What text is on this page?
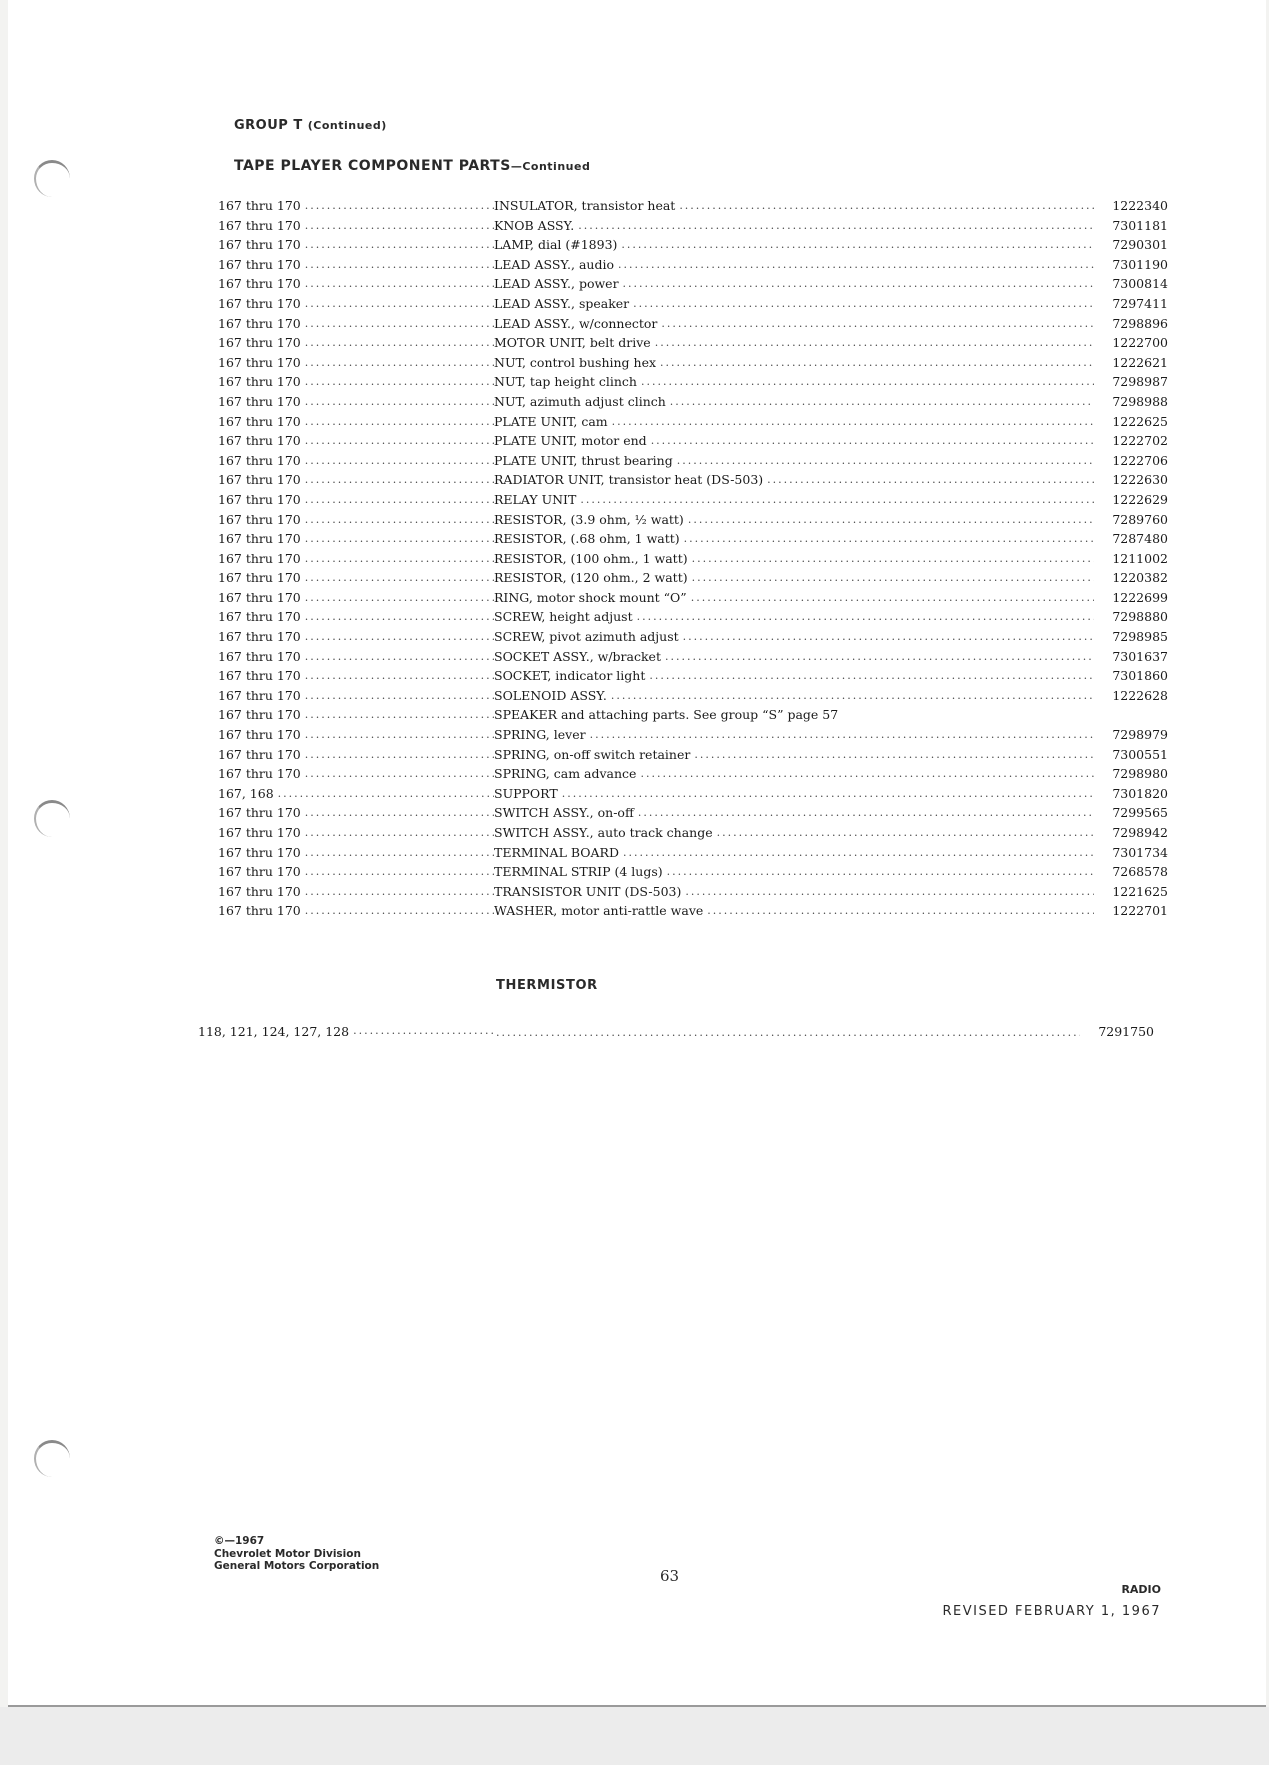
GROUP T (Continued)
TAPE PLAYER COMPONENT PARTS—Continued
167 thru 170 .....	INSULATOR, transistor heat .....	1222340
167 thru 170 .....	KNOB ASSY. .....	7301181
167 thru 170 .....	LAMP, dial (#1893) .....	7290301
167 thru 170 .....	LEAD ASSY., audio .....	7301190
167 thru 170 .....	LEAD ASSY., power .....	7300814
167 thru 170 .....	LEAD ASSY., speaker .....	7297411
167 thru 170 .....	LEAD ASSY., w/connector .....	7298896
167 thru 170 .....	MOTOR UNIT, belt drive .....	1222700
167 thru 170 .....	NUT, control bushing hex .....	1222621
167 thru 170 .....	NUT, tap height clinch .....	7298987
167 thru 170 .....	NUT, azimuth adjust clinch .....	7298988
167 thru 170 .....	PLATE UNIT, cam .....	1222625
167 thru 170 .....	PLATE UNIT, motor end .....	1222702
167 thru 170 .....	PLATE UNIT, thrust bearing .....	1222706
167 thru 170 .....	RADIATOR UNIT, transistor heat (DS-503) .....	1222630
167 thru 170 .....	RELAY UNIT .....	1222629
167 thru 170 .....	RESISTOR, (3.9 ohm, ½ watt) .....	7289760
167 thru 170 .....	RESISTOR, (.68 ohm, 1 watt) .....	7287480
167 thru 170 .....	RESISTOR, (100 ohm., 1 watt) .....	1211002
167 thru 170 .....	RESISTOR, (120 ohm., 2 watt) .....	1220382
167 thru 170 .....	RING, motor shock mount “O” .....	1222699
167 thru 170 .....	SCREW, height adjust .....	7298880
167 thru 170 .....	SCREW, pivot azimuth adjust .....	7298985
167 thru 170 .....	SOCKET ASSY., w/bracket .....	7301637
167 thru 170 .....	SOCKET, indicator light .....	7301860
167 thru 170 .....	SOLENOID ASSY. .....	1222628
167 thru 170 .....	SPEAKER and attaching parts. See group “S” page 57
167 thru 170 .....	SPRING, lever .....	7298979
167 thru 170 .....	SPRING, on-off switch retainer .....	7300551
167 thru 170 .....	SPRING, cam advance .....	7298980
167, 168 .....	SUPPORT .....	7301820
167 thru 170 .....	SWITCH ASSY., on-off .....	7299565
167 thru 170 .....	SWITCH ASSY., auto track change .....	7298942
167 thru 170 .....	TERMINAL BOARD .....	7301734
167 thru 170 .....	TERMINAL STRIP (4 lugs) .....	7268578
167 thru 170 .....	TRANSISTOR UNIT (DS-503) .....	1221625
167 thru 170 .....	WASHER, motor anti-rattle wave .....	1222701
THERMISTOR
118, 121, 124, 127, 128 ..... .....	7291750
©—1967
Chevrolet Motor Division
General Motors Corporation
63
RADIO
REVISED FEBRUARY 1, 1967
